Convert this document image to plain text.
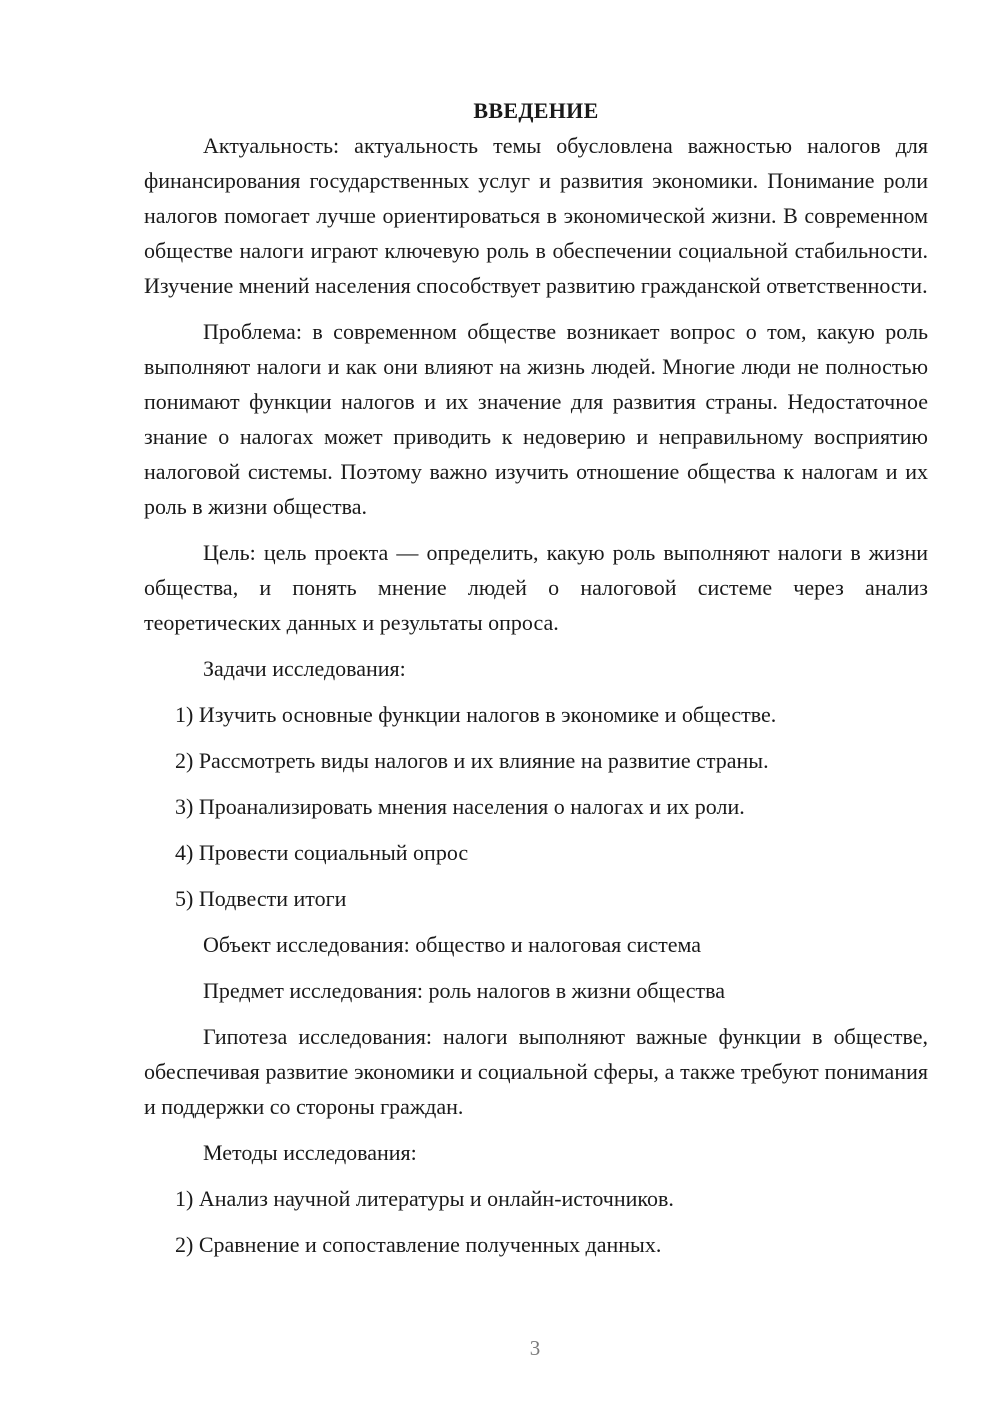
ВВЕДЕНИЕ

Актуальность: актуальность темы обусловлена важностью налогов для финансирования государственных услуг и развития экономики. Понимание роли налогов помогает лучше ориентироваться в экономической жизни. В современном обществе налоги играют ключевую роль в обеспечении социальной стабильности. Изучение мнений населения способствует развитию гражданской ответственности.

Проблема: в современном обществе возникает вопрос о том, какую роль выполняют налоги и как они влияют на жизнь людей. Многие люди не полностью понимают функции налогов и их значение для развития страны. Недостаточное знание о налогах может приводить к недоверию и неправильному восприятию налоговой системы. Поэтому важно изучить отношение общества к налогам и их роль в жизни общества.

Цель: цель проекта — определить, какую роль выполняют налоги в жизни общества, и понять мнение людей о налоговой системе через анализ теоретических данных и результаты опроса.

Задачи исследования:

1) Изучить основные функции налогов в экономике и обществе.

2) Рассмотреть виды налогов и их влияние на развитие страны.

3) Проанализировать мнения населения о налогах и их роли.

4) Провести социальный опрос

5) Подвести итоги

Объект исследования: общество и налоговая система

Предмет исследования: роль налогов в жизни общества

Гипотеза исследования: налоги выполняют важные функции в обществе, обеспечивая развитие экономики и социальной сферы, а также требуют понимания и поддержки со стороны граждан.

Методы исследования:

1) Анализ научной литературы и онлайн-источников.

2) Сравнение и сопоставление полученных данных.

3
